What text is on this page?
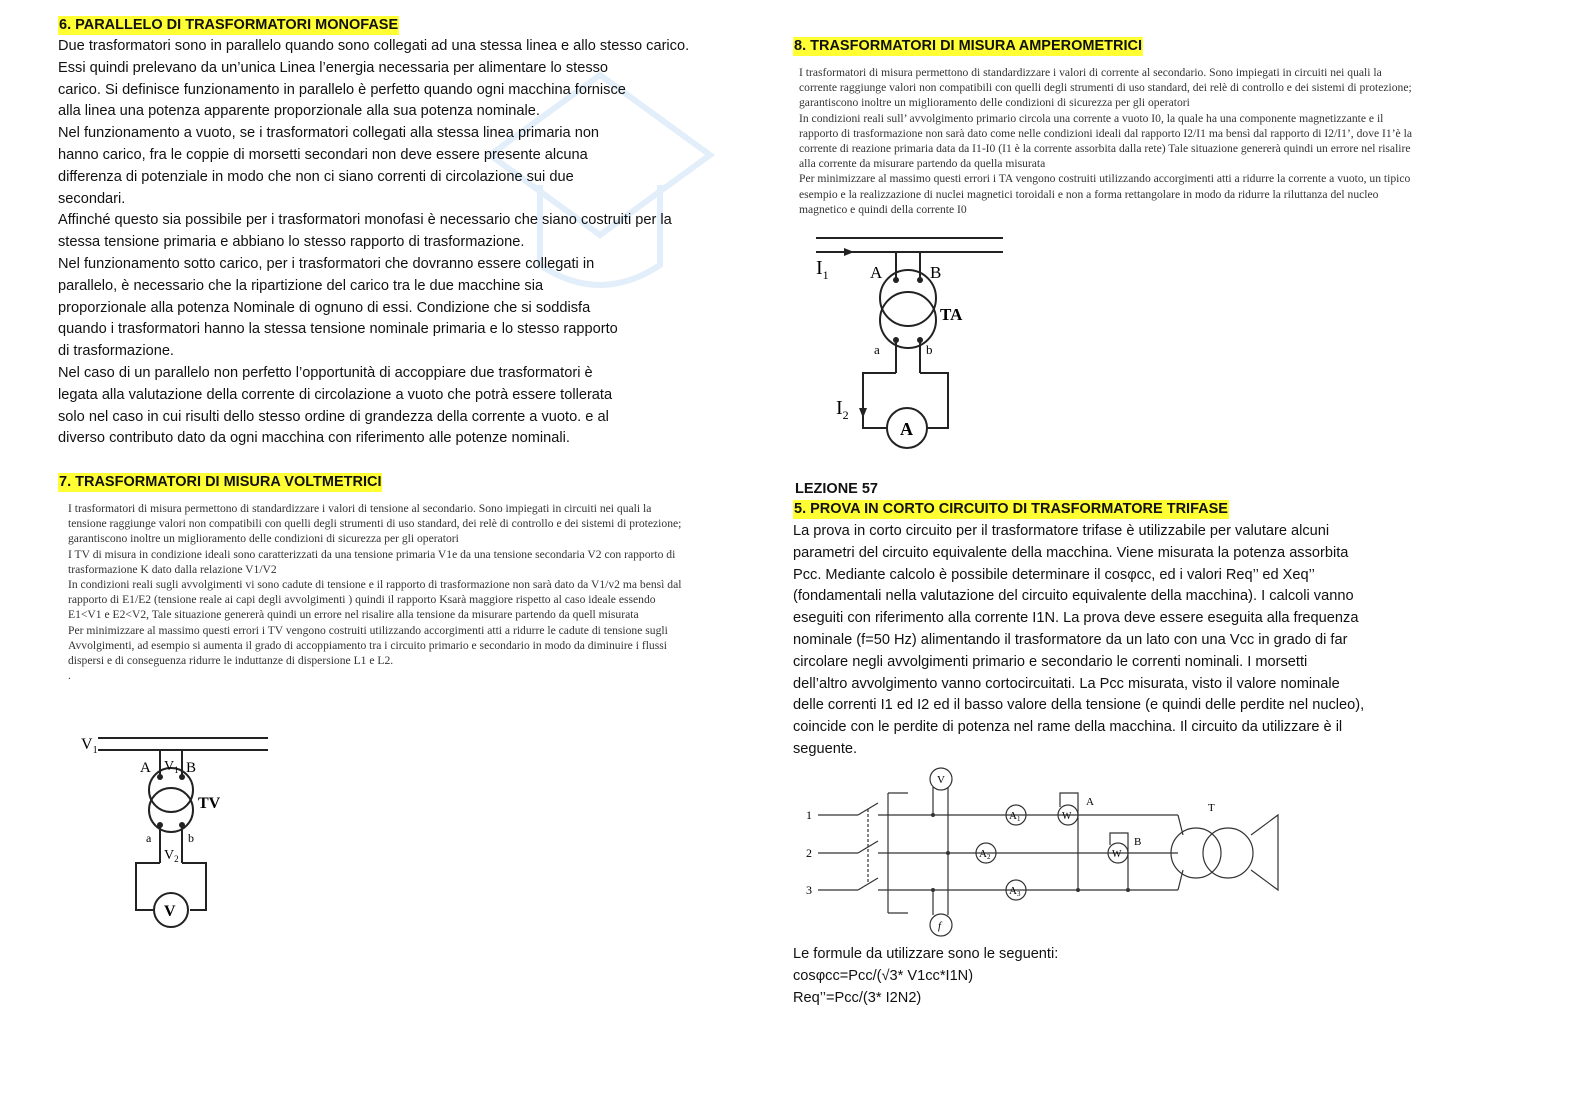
6. PARALLELO DI TRASFORMATORI MONOFASE

Due trasformatori sono in parallelo quando sono collegati ad una stessa linea e allo stesso carico.

Essi quindi prelevano da un’unica Linea l’energia necessaria per alimentare lo stesso

carico. Si definisce funzionamento in parallelo è perfetto quando ogni macchina fornisce

alla linea una potenza apparente proporzionale alla sua potenza nominale.

Nel funzionamento a vuoto, se i trasformatori collegati alla stessa linea primaria non

hanno carico, fra le coppie di morsetti secondari non deve essere presente alcuna

differenza di potenziale in modo che non ci siano correnti di circolazione sui due

secondari.

Affinché questo sia possibile per i trasformatori monofasi è necessario che siano costruiti per la

stessa tensione primaria e abbiano lo stesso rapporto di trasformazione.

Nel funzionamento sotto carico, per i trasformatori che dovranno essere collegati in

parallelo, è necessario che la ripartizione del carico tra le due macchine sia

proporzionale alla potenza Nominale di ognuno di essi. Condizione che si soddisfa

quando i trasformatori hanno la stessa tensione nominale primaria e lo stesso rapporto

di trasformazione.

Nel caso di un parallelo non perfetto l’opportunità di accoppiare due trasformatori è

legata alla valutazione della corrente di circolazione a vuoto che potrà essere tollerata

solo nel caso in cui risulti dello stesso ordine di grandezza della corrente a vuoto. e al

diverso contributo dato da ogni macchina con riferimento alle potenze nominali.

7. TRASFORMATORI DI MISURA VOLTMETRICI

I trasformatori di misura permettono di standardizzare i valori di tensione al secondario. Sono impiegati in circuiti nei quali la

tensione raggiunge valori non compatibili con quelli degli strumenti di uso standard, dei relè di controllo e dei sistemi di protezione;

garantiscono inoltre un miglioramento delle condizioni di sicurezza per gli operatori

I TV di misura in condizione ideali sono caratterizzati da una tensione primaria V1e da una tensione secondaria V2 con rapporto di

trasformazione K dato dalla relazione V1/V2

In condizioni reali sugli avvolgimenti vi sono cadute di tensione e il rapporto di trasformazione non sarà dato da V1/v2 ma bensì dal

rapporto di E1/E2 (tensione reale ai capi degli avvolgimenti ) quindi il rapporto Ksarà maggiore rispetto al caso ideale essendo

E1<V1 e E2<V2, Tale situazione genererà quindi un errore nel risalire alla tensione da misurare partendo da quell misurata

Per minimizzare al massimo questi errori i TV vengono costruiti utilizzando accorgimenti atti a ridurre le cadute di tensione sugli

Avvolgimenti, ad esempio si aumenta il grado di accoppiamento tra i circuito primario e secondario in modo da diminuire i flussi

dispersi e di conseguenza ridurre le induttanze di dispersione L1 e L2.

.

$V_1$
A $V_1$ B
TV
a	b
$V_2$
V
8. TRASFORMATORI DI MISURA AMPEROMETRICI

I trasformatori di misura permettono di standardizzare i valori di corrente al secondario. Sono impiegati in circuiti nei quali la

corrente raggiunge valori non compatibili con quelli degli strumenti di uso standard, dei relè di controllo e dei sistemi di protezione;

garantiscono inoltre un miglioramento delle condizioni di sicurezza per gli operatori

In condizioni reali sull’ avvolgimento primario circola una corrente a vuoto I0, la quale ha una componente magnetizzante e il

rapporto di trasformazione non sarà dato come nelle condizioni ideali dal rapporto I2/I1 ma bensì dal rapporto di I2/I1’, dove I1’è la

corrente di reazione primaria data da I1-I0 (I1 è la corrente assorbita dalla rete) Tale situazione genererà quindi un errore nel risalire

alla corrente da misurare partendo da quella misurata

Per minimizzare al massimo questi errori i TA vengono costruiti utilizzando accorgimenti atti a ridurre la corrente a vuoto, un tipico

esempio e la realizzazione di nuclei magnetici toroidali e non a forma rettangolare in modo da ridurre la riluttanza del nucleo

magnetico e quindi della corrente I0

$I_1$ A	B
TA
a	b
$I_2$
A
LEZIONE 57
5. PROVA IN CORTO CIRCUITO DI TRASFORMATORE TRIFASE

La prova in corto circuito per il trasformatore trifase è utilizzabile per valutare alcuni

parametri del circuito equivalente della macchina. Viene misurata la potenza assorbita

Pcc. Mediante calcolo è possibile determinare il cosφcc, ed i valori Req’’ ed Xeq’’

(fondamentali nella valutazione del circuito equivalente della macchina). I calcoli vanno

eseguiti con riferimento alla corrente I1N. La prova deve essere eseguita alla frequenza

nominale (f=50 Hz) alimentando il trasformatore da un lato con una Vcc in grado di far

circolare negli avvolgimenti primario e secondario le correnti nominali. I morsetti

dell’altro avvolgimento vanno cortocircuitati. La Pcc misurata, visto il valore nominale

delle correnti I1 ed I2 ed il basso valore della tensione (e quindi delle perdite nel nucleo),

coincide con le perdite di potenza nel rame della macchina. Il circuito da utilizzare è il

seguente.

1
2
3
V
f
A1
A2
A3
W
W
A
B
T

Le formule da utilizzare sono le seguenti:

cosφcc=Pcc/(√3* V1cc*I1N)

Req’’=Pcc/(3* I2N2)
